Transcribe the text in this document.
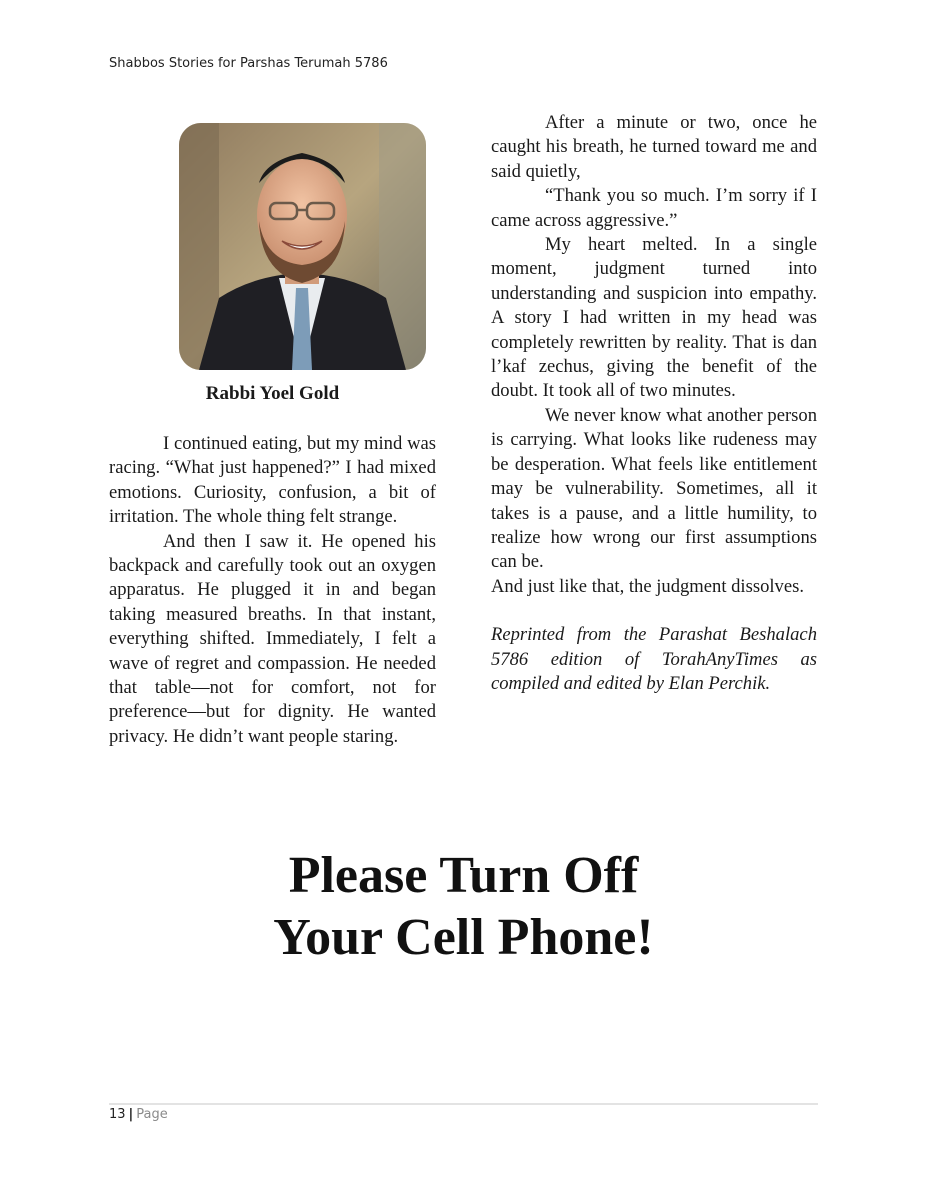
Shabbos Stories for Parshas Terumah 5786
Rabbi Yoel Gold

I continued eating, but my mind was racing. “What just happened?” I had mixed emotions. Curiosity, confusion, a bit of irritation. The whole thing felt strange.

And then I saw it. He opened his backpack and carefully took out an oxygen apparatus. He plugged it in and began taking measured breaths. In that instant, everything shifted. Immediately, I felt a wave of regret and compassion. He needed that table—not for comfort, not for preference—but for dignity. He wanted privacy. He didn’t want people staring.

After a minute or two, once he caught his breath, he turned toward me and said quietly,

“Thank you so much. I’m sorry if I came across aggressive.”

My heart melted. In a single moment, judgment turned into understanding and suspicion into empathy. A story I had written in my head was completely rewritten by reality. That is dan l’kaf zechus, giving the benefit of the doubt. It took all of two minutes.

We never know what another person is carrying. What looks like rudeness may be desperation. What feels like entitlement may be vulnerability. Sometimes, all it takes is a pause, and a little humility, to realize how wrong our first assumptions can be.

And just like that, the judgment dissolves.

Reprinted from the Parashat Beshalach 5786 edition of TorahAnyTimes as compiled and edited by Elan Perchik.

Please Turn Off
Your Cell Phone!
13 | Page
